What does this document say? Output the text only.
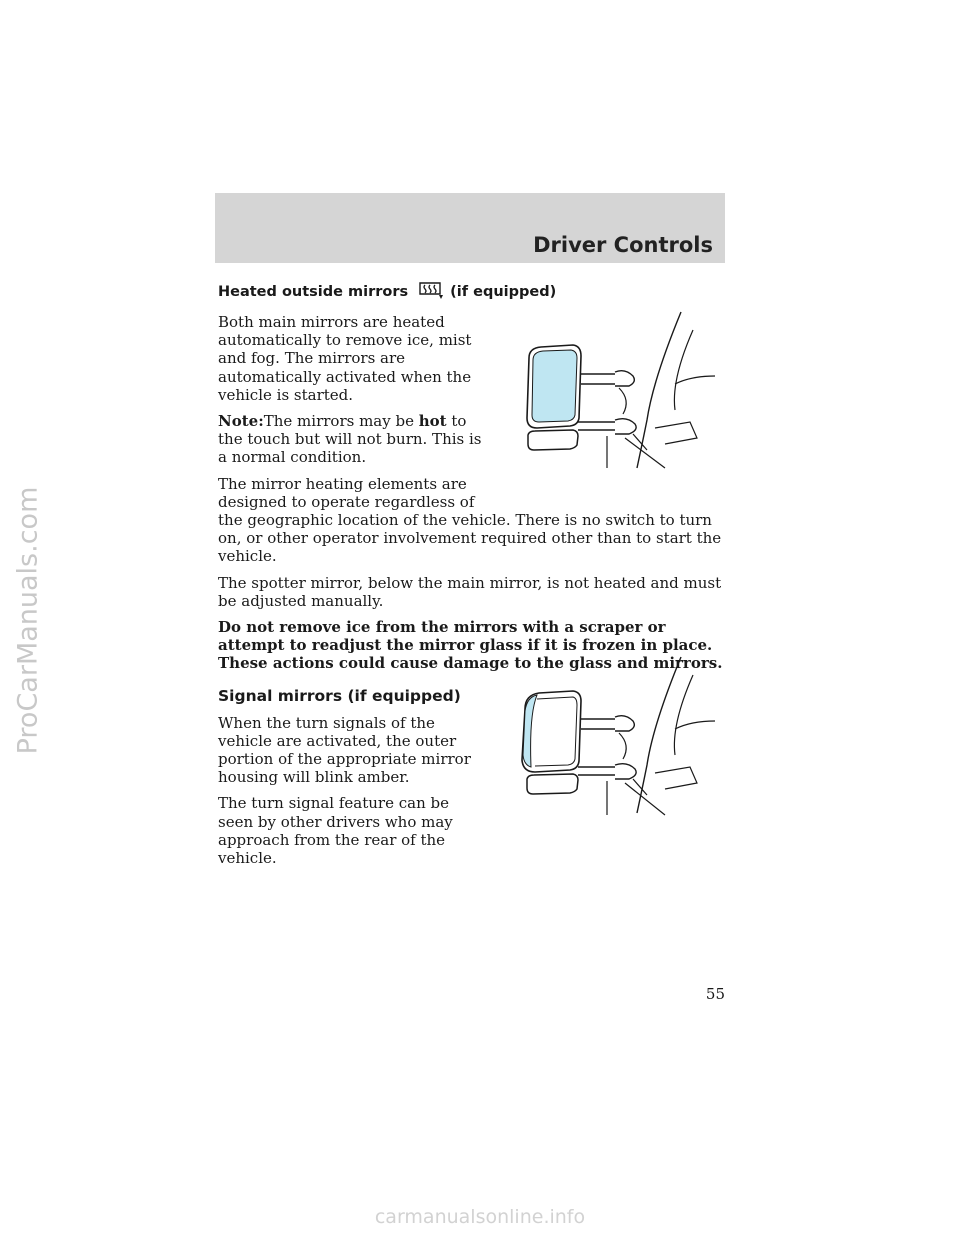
ProCarManuals.com
Driver Controls
Heated outside mirrors	(if equipped)

Both main mirrors are heated automatically to remove ice, mist and fog. The mirrors are automatically activated when the vehicle is started.

Note:The mirrors may be hot to the touch but will not burn. This is a normal condition.

The mirror heating elements are designed to operate regardless of
the geographic location of the vehicle. There is no switch to turn on, or other operator involvement required other than to start the vehicle.

The spotter mirror, below the main mirror, is not heated and must be adjusted manually.

Do not remove ice from the mirrors with a scraper or attempt to readjust the mirror glass if it is frozen in place. These actions could cause damage to the glass and mirrors.

Signal mirrors (if equipped)

When the turn signals of the vehicle are activated, the outer portion of the appropriate mirror housing will blink amber.

The turn signal feature can be seen by other drivers who may approach from the rear of the vehicle.

55
carmanualsonline.info
